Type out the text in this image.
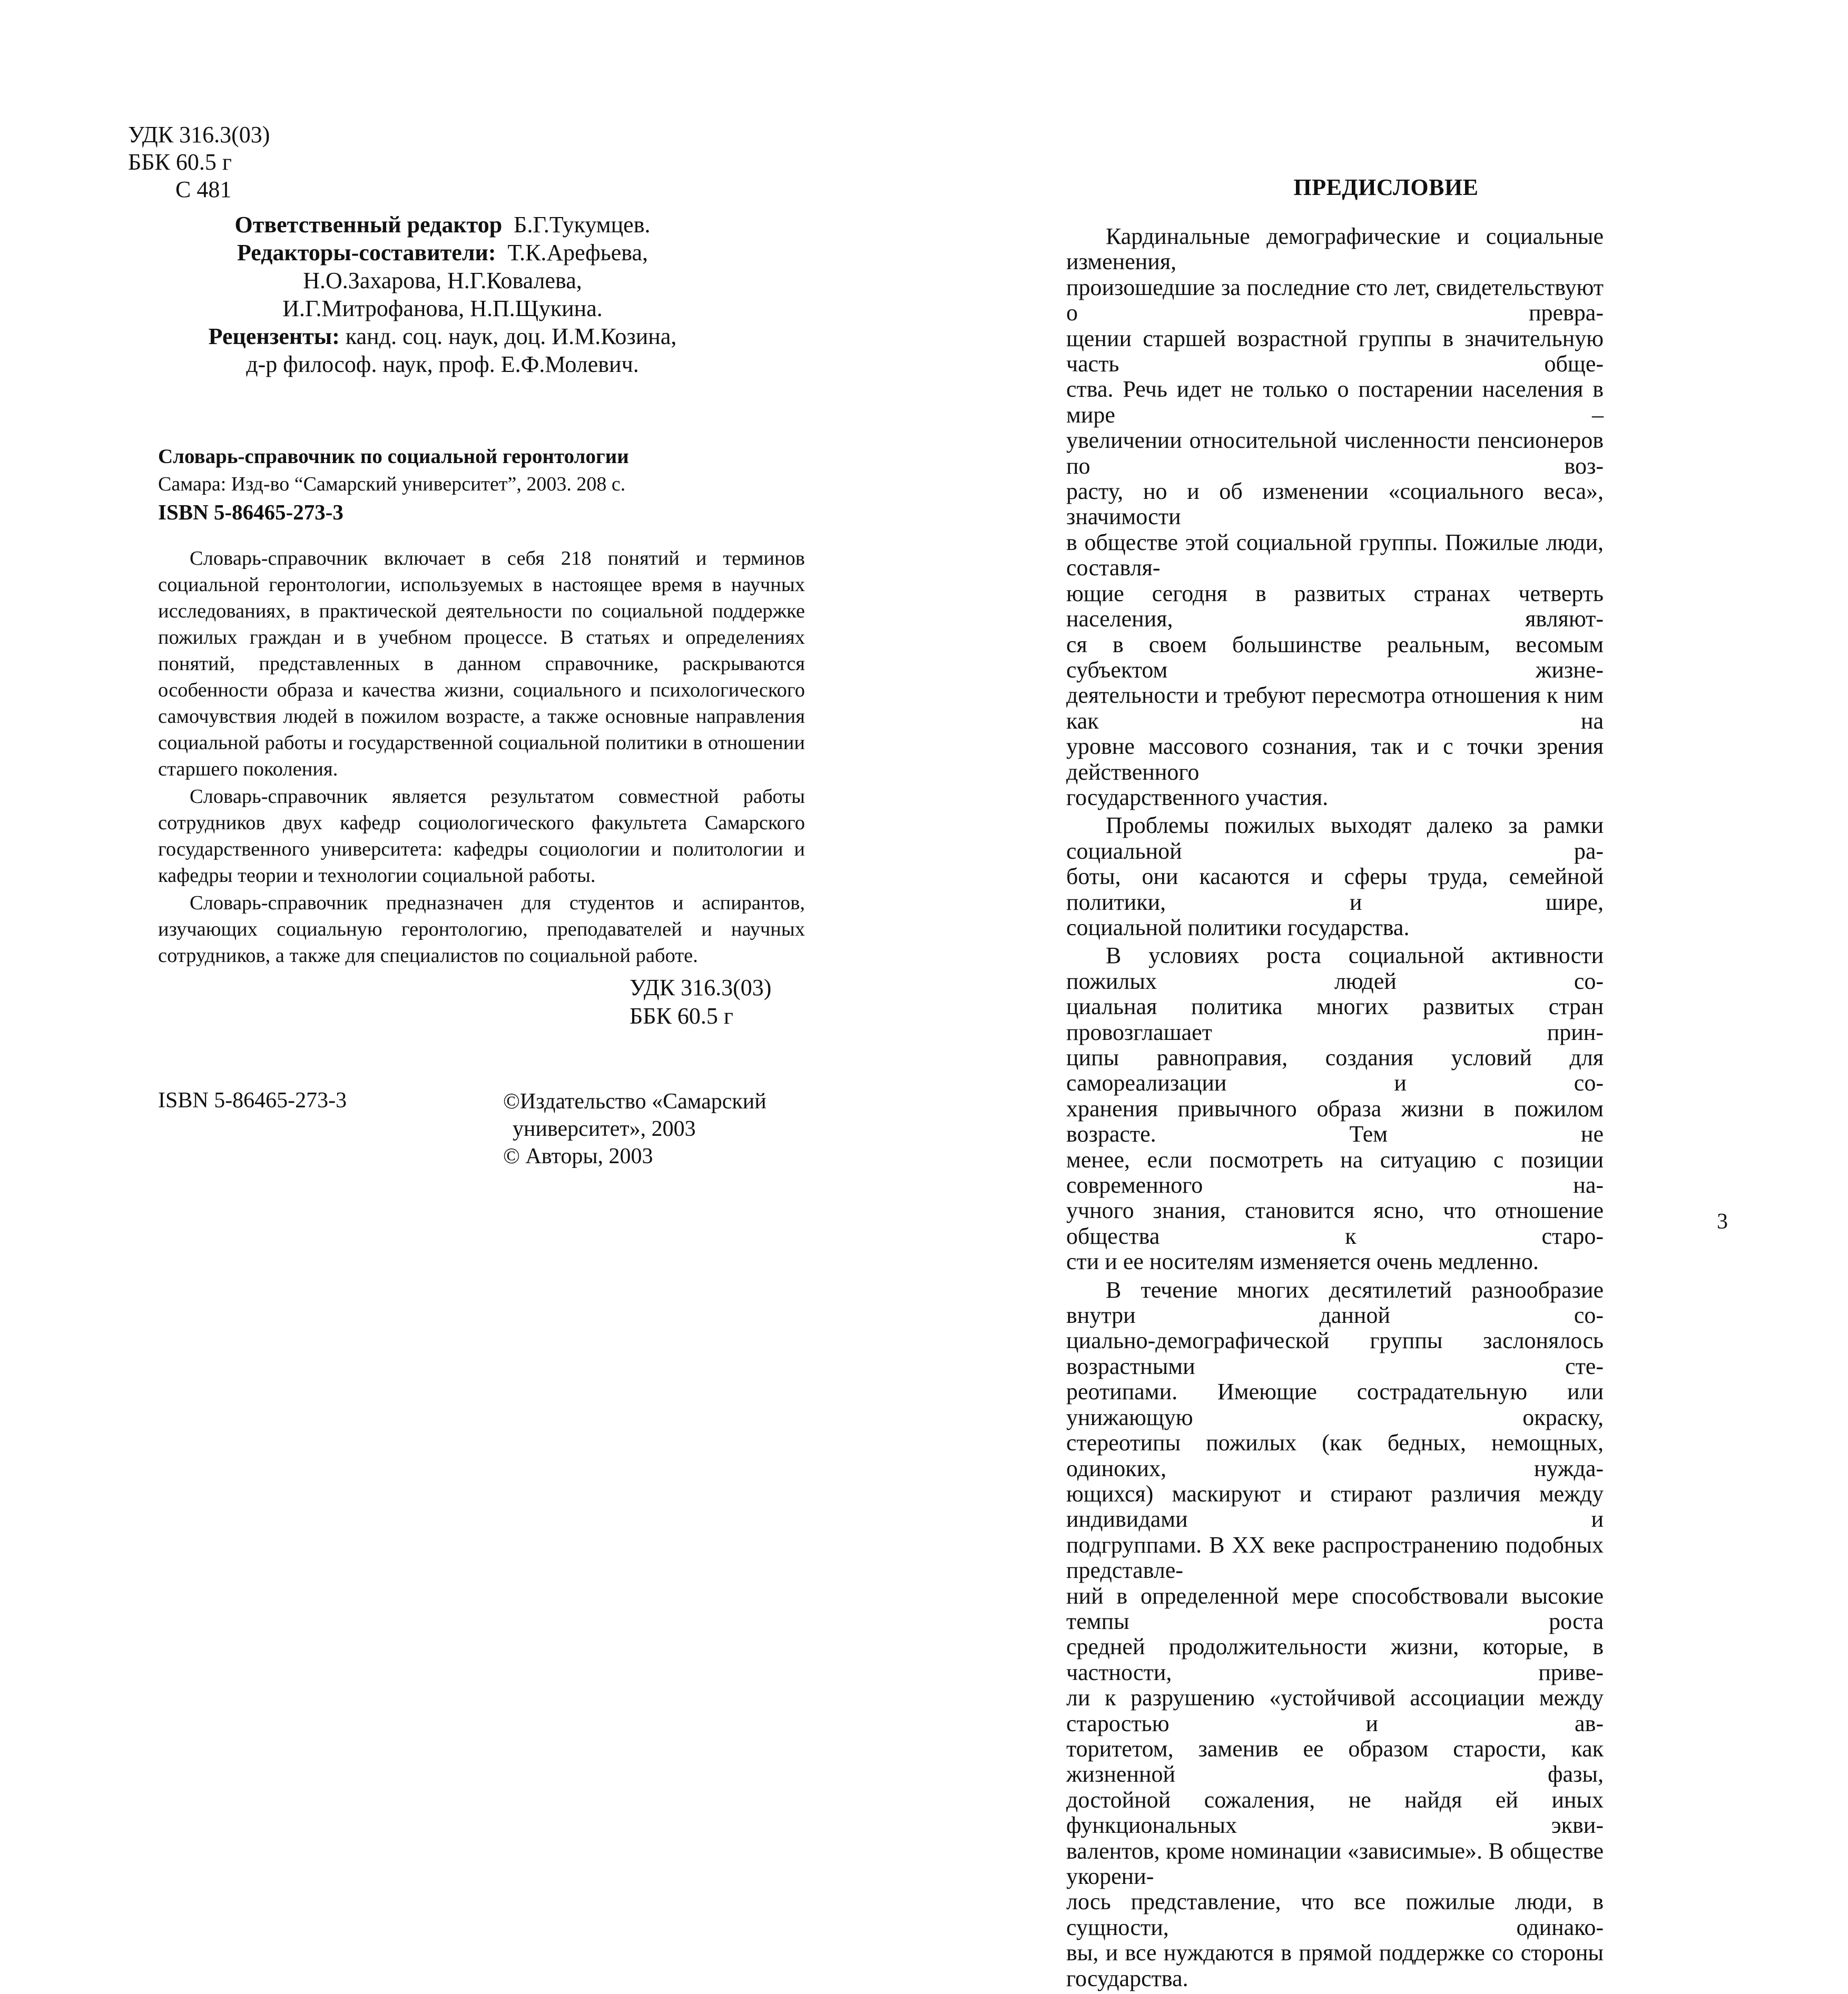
УДК 316.3(03)
ББК 60.5 г
С 481
Ответственный редактор Б.Г.Тукумцев.
Редакторы-составители: Т.К.Арефьева,
Н.О.Захарова, Н.Г.Ковалева,
И.Г.Митрофанова, Н.П.Щукина.
Рецензенты: канд. соц. наук, доц. И.М.Козина,
д-р философ. наук, проф. Е.Ф.Молевич.
Словарь-справочник по социальной геронтологии
Самара: Изд-во “Самарский университет”, 2003. 208 с.
ISBN 5-86465-273-3

Словарь-справочник включает в себя 218 понятий и терминов социальной геронтологии, используемых в настоящее время в научных исследованиях, в практической деятельности по социальной поддержке пожилых граждан и в учебном процессе. В статьях и определениях понятий, представленных в данном справочнике, раскрываются особенности образа и качества жизни, социального и психологического самочувствия людей в пожилом возрасте, а также основные направления социальной работы и государственной социальной политики в отношении старшего поколения.

Словарь-справочник является результатом совместной работы сотрудников двух кафедр социологического факультета Самарского государственного университета: кафедры социологии и политологии и кафедры теории и технологии социальной работы.

Словарь-справочник предназначен для студентов и аспирантов, изучающих социальную геронтологию, преподавателей и научных сотрудников, а также для специалистов по социальной работе.

УДК 316.3(03)
ББК 60.5 г
ISBN 5-86465-273-3	©Издательство «Самарский
университет», 2003
© Авторы, 2003
ПРЕДИСЛОВИЕ

Кардинальные демографические и социальные изменения,
произошедшие за последние сто лет, свидетельствуют о превра-
щении старшей возрастной группы в значительную часть обще-
ства. Речь идет не только о постарении населения в мире –
увеличении относительной численности пенсионеров по воз-
расту, но и об изменении «социального веса», значимости
в обществе этой социальной группы. Пожилые люди, составля-
ющие сегодня в развитых странах четверть населения, являют-
ся в своем большинстве реальным, весомым субъектом жизне-
деятельности и требуют пересмотра отношения к ним как на
уровне массового сознания, так и с точки зрения действенного
государственного участия.

Проблемы пожилых выходят далеко за рамки социальной ра-
боты, они касаются и сферы труда, семейной политики, и шире,
социальной политики государства.

В условиях роста социальной активности пожилых людей со-
циальная политика многих развитых стран провозглашает прин-
ципы равноправия, создания условий для самореализации и со-
хранения привычного образа жизни в пожилом возрасте. Тем не
менее, если посмотреть на ситуацию с позиции современного на-
учного знания, становится ясно, что отношение общества к старо-
сти и ее носителям изменяется очень медленно.

В течение многих десятилетий разнообразие внутри данной со-
циально-демографической группы заслонялось возрастными сте-
реотипами. Имеющие сострадательную или унижающую окраску,
стереотипы пожилых (как бедных, немощных, одиноких, нужда-
ющихся) маскируют и стирают различия между индивидами и
подгруппами. В ХХ веке распространению подобных представле-
ний в определенной мере способствовали высокие темпы роста
средней продолжительности жизни, которые, в частности, приве-
ли к разрушению «устойчивой ассоциации между старостью и ав-
торитетом, заменив ее образом старости, как жизненной фазы,
достойной сожаления, не найдя ей иных функциональных экви-
валентов, кроме номинации «зависимые». В обществе укорени-
лось представление, что все пожилые люди, в сущности, одинако-
вы, и все нуждаются в прямой поддержке со стороны государства.

3
